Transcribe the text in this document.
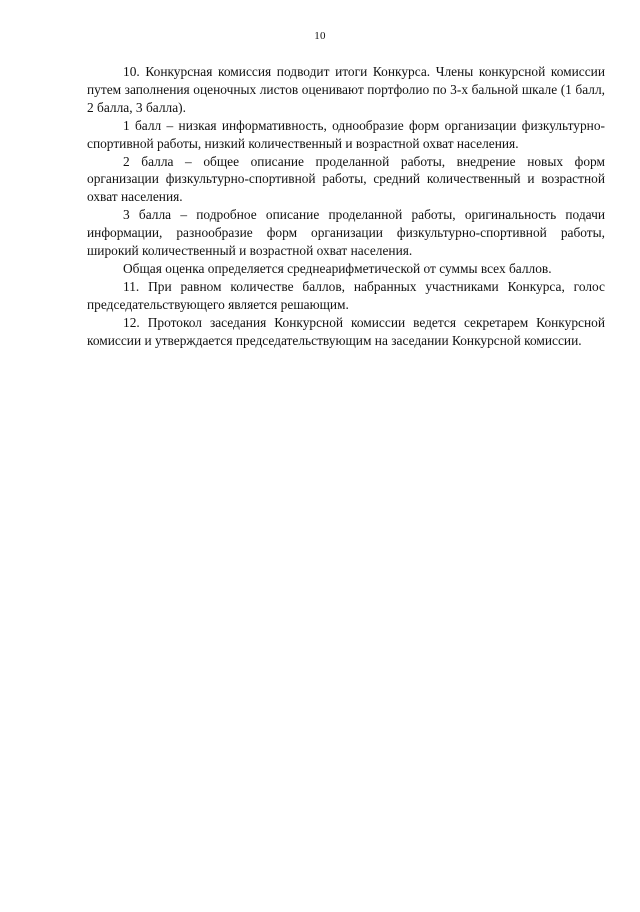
10

10. Конкурсная комиссия подводит итоги Конкурса. Члены конкурсной комиссии путем заполнения оценочных листов оценивают портфолио по 3-х бальной шкале (1 балл, 2 балла, 3 балла).

1 балл – низкая информативность, однообразие форм организации физкультурно-спортивной работы, низкий количественный и возрастной охват населения.

2 балла – общее описание проделанной работы, внедрение новых форм организации физкультурно-спортивной работы, средний количественный и возрастной охват населения.

3 балла – подробное описание проделанной работы, оригинальность подачи информации, разнообразие форм организации физкультурно-спортивной работы, широкий количественный и возрастной охват населения.

Общая оценка определяется среднеарифметической от суммы всех баллов.

11. При равном количестве баллов, набранных участниками Конкурса, голос председательствующего является решающим.

12. Протокол заседания Конкурсной комиссии ведется секретарем Конкурсной комиссии и утверждается председательствующим на заседании Конкурсной комиссии.
